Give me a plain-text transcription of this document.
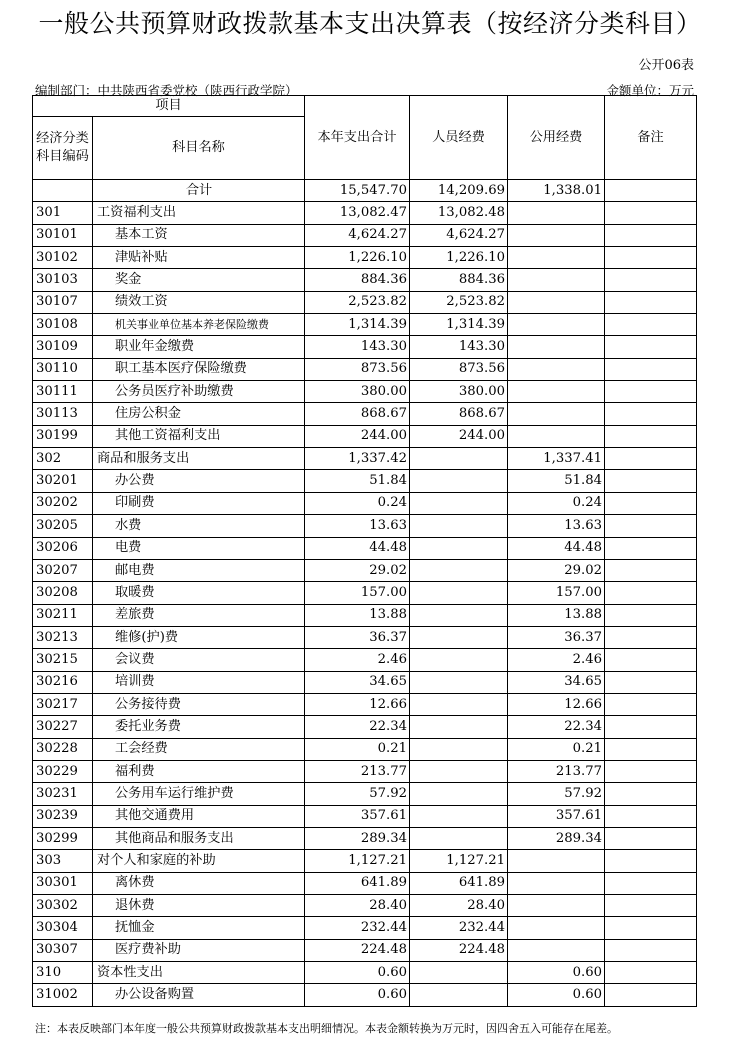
一般公共预算财政拨款基本支出决算表（按经济分类科目）
公开06表
编制部门：中共陕西省委党校（陕西行政学院）	金额单位：万元
项目		本年支出合计	人员经费	公用经费	备注
经济分类科目编码	科目名称				
	合计	15,547.70	14,209.69	1,338.01	
301	工资福利支出	13,082.47	13,082.48		
30101	基本工资	4,624.27	4,624.27		
30102	津贴补贴	1,226.10	1,226.10		
30103	奖金	884.36	884.36		
30107	绩效工资	2,523.82	2,523.82		
30108	机关事业单位基本养老保险缴费	1,314.39	1,314.39		
30109	职业年金缴费	143.30	143.30		
30110	职工基本医疗保险缴费	873.56	873.56		
30111	公务员医疗补助缴费	380.00	380.00		
30113	住房公积金	868.67	868.67		
30199	其他工资福利支出	244.00	244.00		
302	商品和服务支出	1,337.42		1,337.41	
30201	办公费	51.84		51.84	
30202	印刷费	0.24		0.24	
30205	水费	13.63		13.63	
30206	电费	44.48		44.48	
30207	邮电费	29.02		29.02	
30208	取暖费	157.00		157.00	
30211	差旅费	13.88		13.88	
30213	维修(护)费	36.37		36.37	
30215	会议费	2.46		2.46	
30216	培训费	34.65		34.65	
30217	公务接待费	12.66		12.66	
30227	委托业务费	22.34		22.34	
30228	工会经费	0.21		0.21	
30229	福利费	213.77		213.77	
30231	公务用车运行维护费	57.92		57.92	
30239	其他交通费用	357.61		357.61	
30299	其他商品和服务支出	289.34		289.34	
303	对个人和家庭的补助	1,127.21	1,127.21		
30301	离休费	641.89	641.89		
30302	退休费	28.40	28.40		
30304	抚恤金	232.44	232.44		
30307	医疗费补助	224.48	224.48		
310	资本性支出	0.60		0.60	
31002	办公设备购置	0.60		0.60	
注：本表反映部门本年度一般公共预算财政拨款基本支出明细情况。本表金额转换为万元时，因四舍五入可能存在尾差。
